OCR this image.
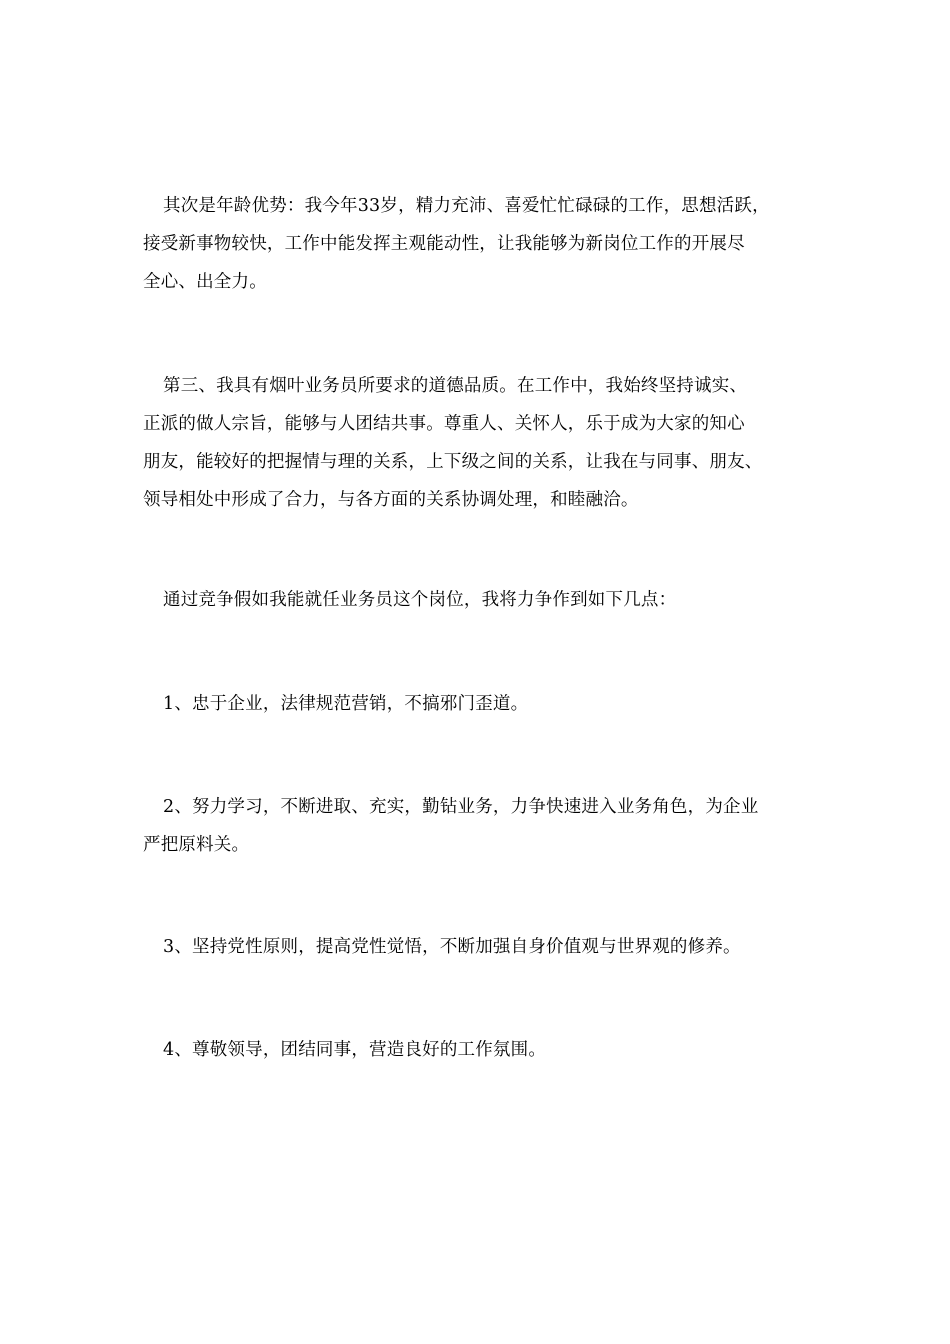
其次是年龄优势：我今年33岁，精力充沛、喜爱忙忙碌碌的工作，思想活跃，
接受新事物较快，工作中能发挥主观能动性，让我能够为新岗位工作的开展尽
全心、出全力。
第三、我具有烟叶业务员所要求的道德品质。在工作中，我始终坚持诚实、
正派的做人宗旨，能够与人团结共事。尊重人、关怀人，乐于成为大家的知心
朋友，能较好的把握情与理的关系，上下级之间的关系，让我在与同事、朋友、
领导相处中形成了合力，与各方面的关系协调处理，和睦融洽。
通过竞争假如我能就任业务员这个岗位，我将力争作到如下几点：
1、忠于企业，法律规范营销，不搞邪门歪道。
2、努力学习，不断进取、充实，勤钻业务，力争快速进入业务角色，为企业
严把原料关。
3、坚持党性原则，提高党性觉悟，不断加强自身价值观与世界观的修养。
4、尊敬领导，团结同事，营造良好的工作氛围。
